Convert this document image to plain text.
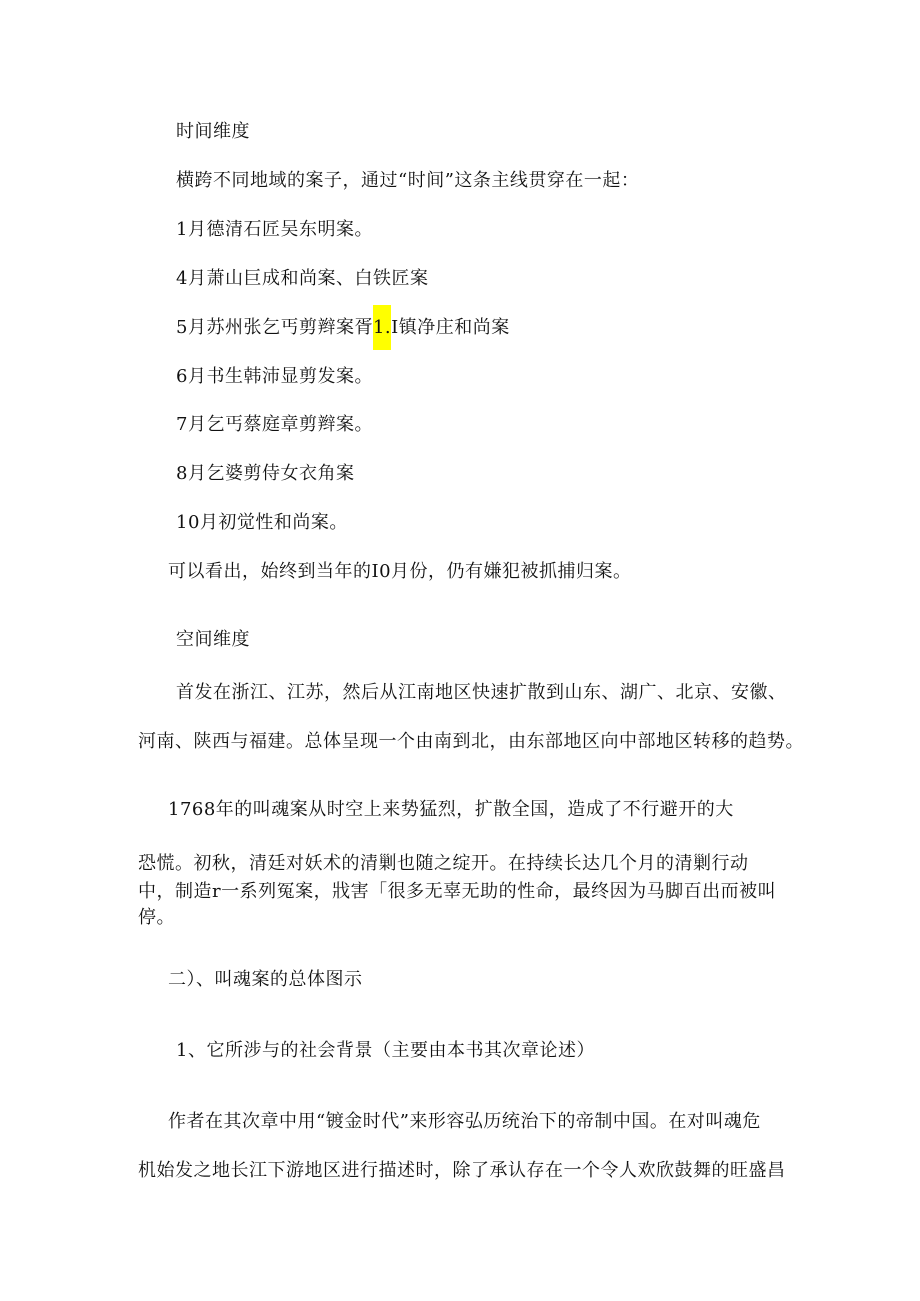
时间维度
横跨不同地域的案子，通过“时间”这条主线贯穿在一起：
1月德清石匠吴东明案。
4月萧山巨成和尚案、白铁匠案
5月苏州张乞丐剪辫案胥1.I镇净庄和尚案
6月书生韩沛显剪发案。
7月乞丐蔡庭章剪辫案。
8月乞婆剪侍女衣角案
10月初觉性和尚案。
可以看出，始终到当年的I0月份，仍有嫌犯被抓捕归案。
空间维度
首发在浙江、江苏，然后从江南地区快速扩散到山东、湖广、北京、安徽、
河南、陕西与福建。总体呈现一个由南到北，由东部地区向中部地区转移的趋势。
1768年的叫魂案从时空上来势猛烈，扩散全国，造成了不行避开的大
恐慌。初秋，清廷对妖术的清剿也随之绽开。在持续长达几个月的清剿行动
中，制造r一系列冤案，戕害「很多无辜无助的性命，最终因为马脚百出而被叫
停。
二）、叫魂案的总体图示
1、它所涉与的社会背景（主要由本书其次章论述）
作者在其次章中用“镀金时代”来形容弘历统治下的帝制中国。在对叫魂危
机始发之地长江下游地区进行描述时，除了承认存在一个令人欢欣鼓舞的旺盛昌
